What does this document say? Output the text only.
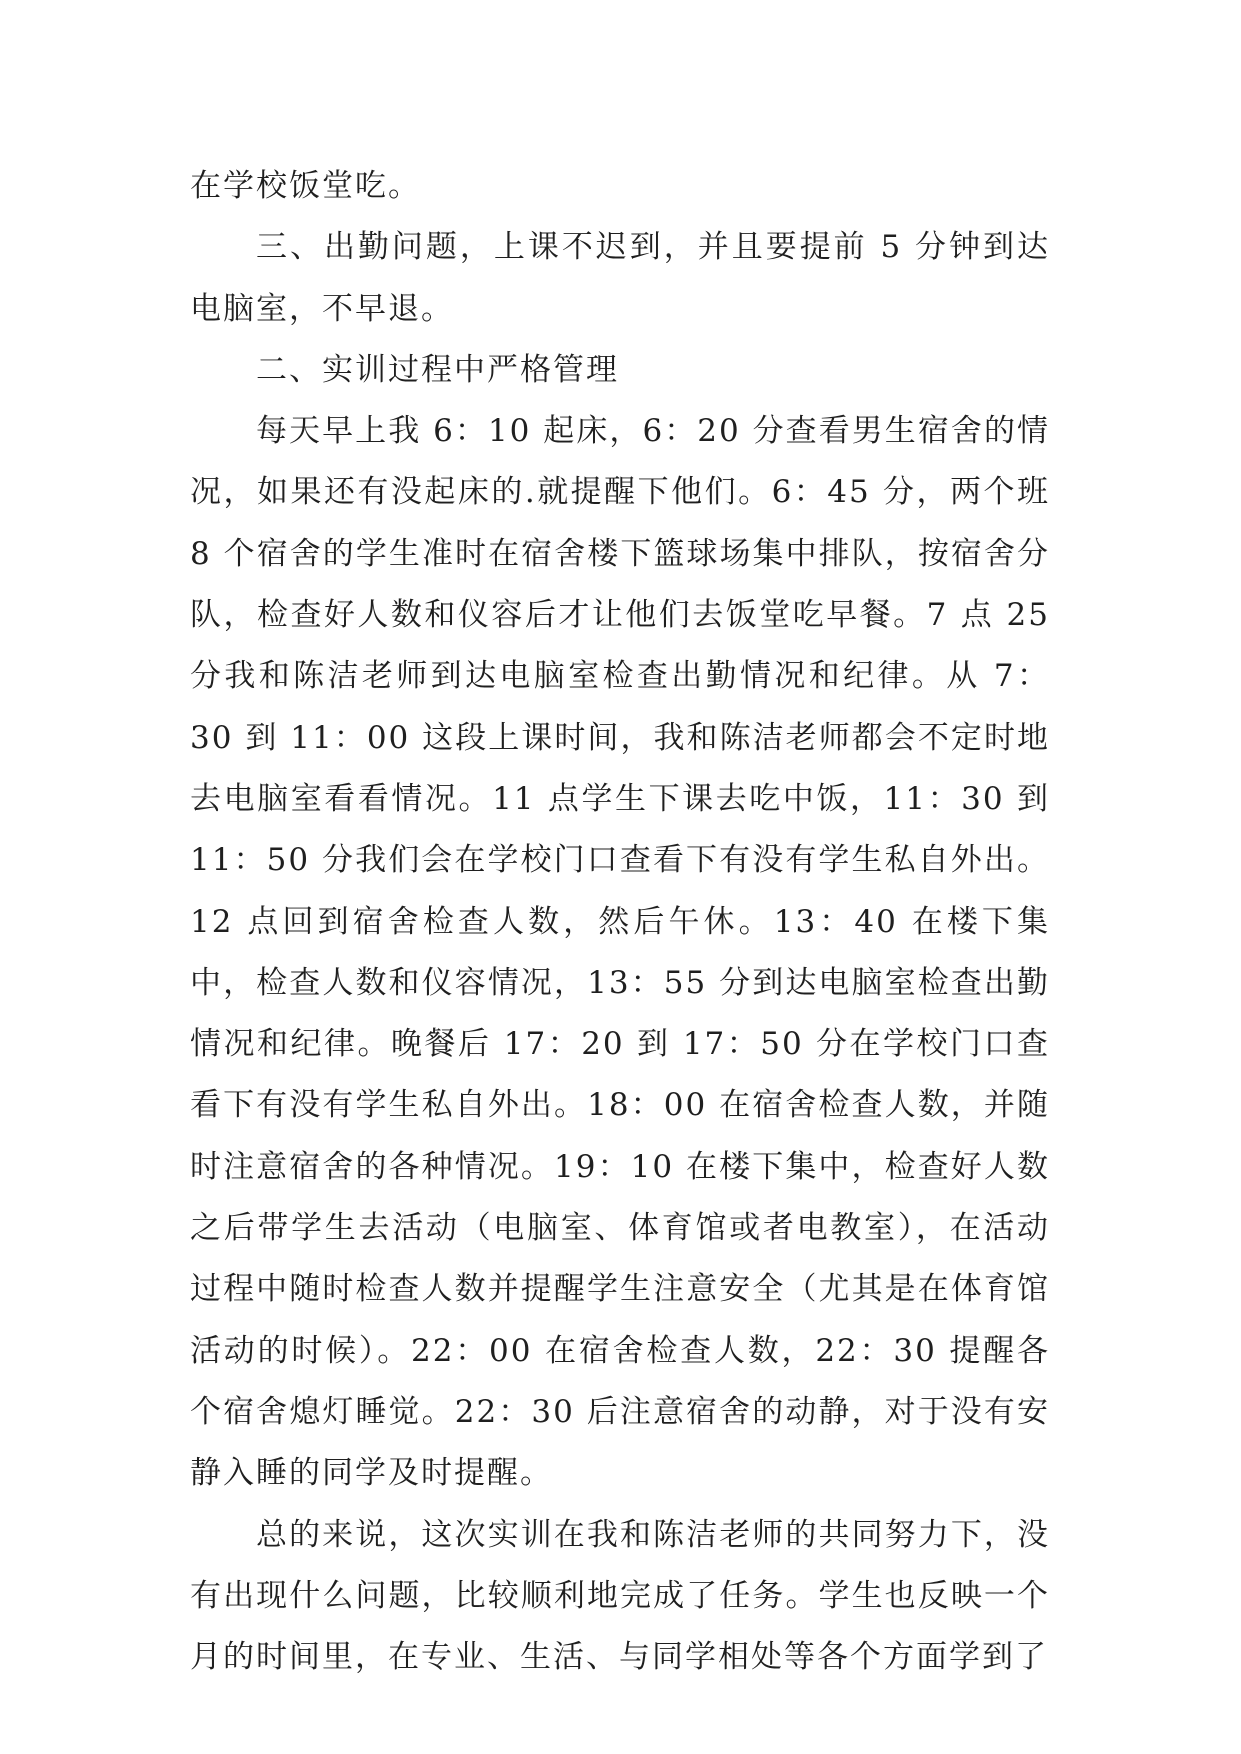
在学校饭堂吃。

三、出勤问题，上课不迟到，并且要提前 5 分钟到达电脑室，不早退。

二、实训过程中严格管理

每天早上我 6：10 起床，6：20 分查看男生宿舍的情况，如果还有没起床的.就提醒下他们。6：45 分，两个班 8 个宿舍的学生准时在宿舍楼下篮球场集中排队，按宿舍分队，检查好人数和仪容后才让他们去饭堂吃早餐。7 点 25 分我和陈洁老师到达电脑室检查出勤情况和纪律。从 7：30 到 11：00 这段上课时间，我和陈洁老师都会不定时地去电脑室看看情况。11 点学生下课去吃中饭，11：30 到 11：50 分我们会在学校门口查看下有没有学生私自外出。12 点回到宿舍检查人数，然后午休。13：40 在楼下集中，检查人数和仪容情况，13：55 分到达电脑室检查出勤情况和纪律。晚餐后 17：20 到 17：50 分在学校门口查看下有没有学生私自外出。18：00 在宿舍检查人数，并随时注意宿舍的各种情况。19：10 在楼下集中，检查好人数之后带学生去活动（电脑室、体育馆或者电教室），在活动过程中随时检查人数并提醒学生注意安全（尤其是在体育馆活动的时候）。22：00 在宿舍检查人数，22：30 提醒各个宿舍熄灯睡觉。22：30 后注意宿舍的动静，对于没有安静入睡的同学及时提醒。

总的来说，这次实训在我和陈洁老师的共同努力下，没有出现什么问题，比较顺利地完成了任务。学生也反映一个月的时间里，在专业、生活、与同学相处等各个方面学到了
